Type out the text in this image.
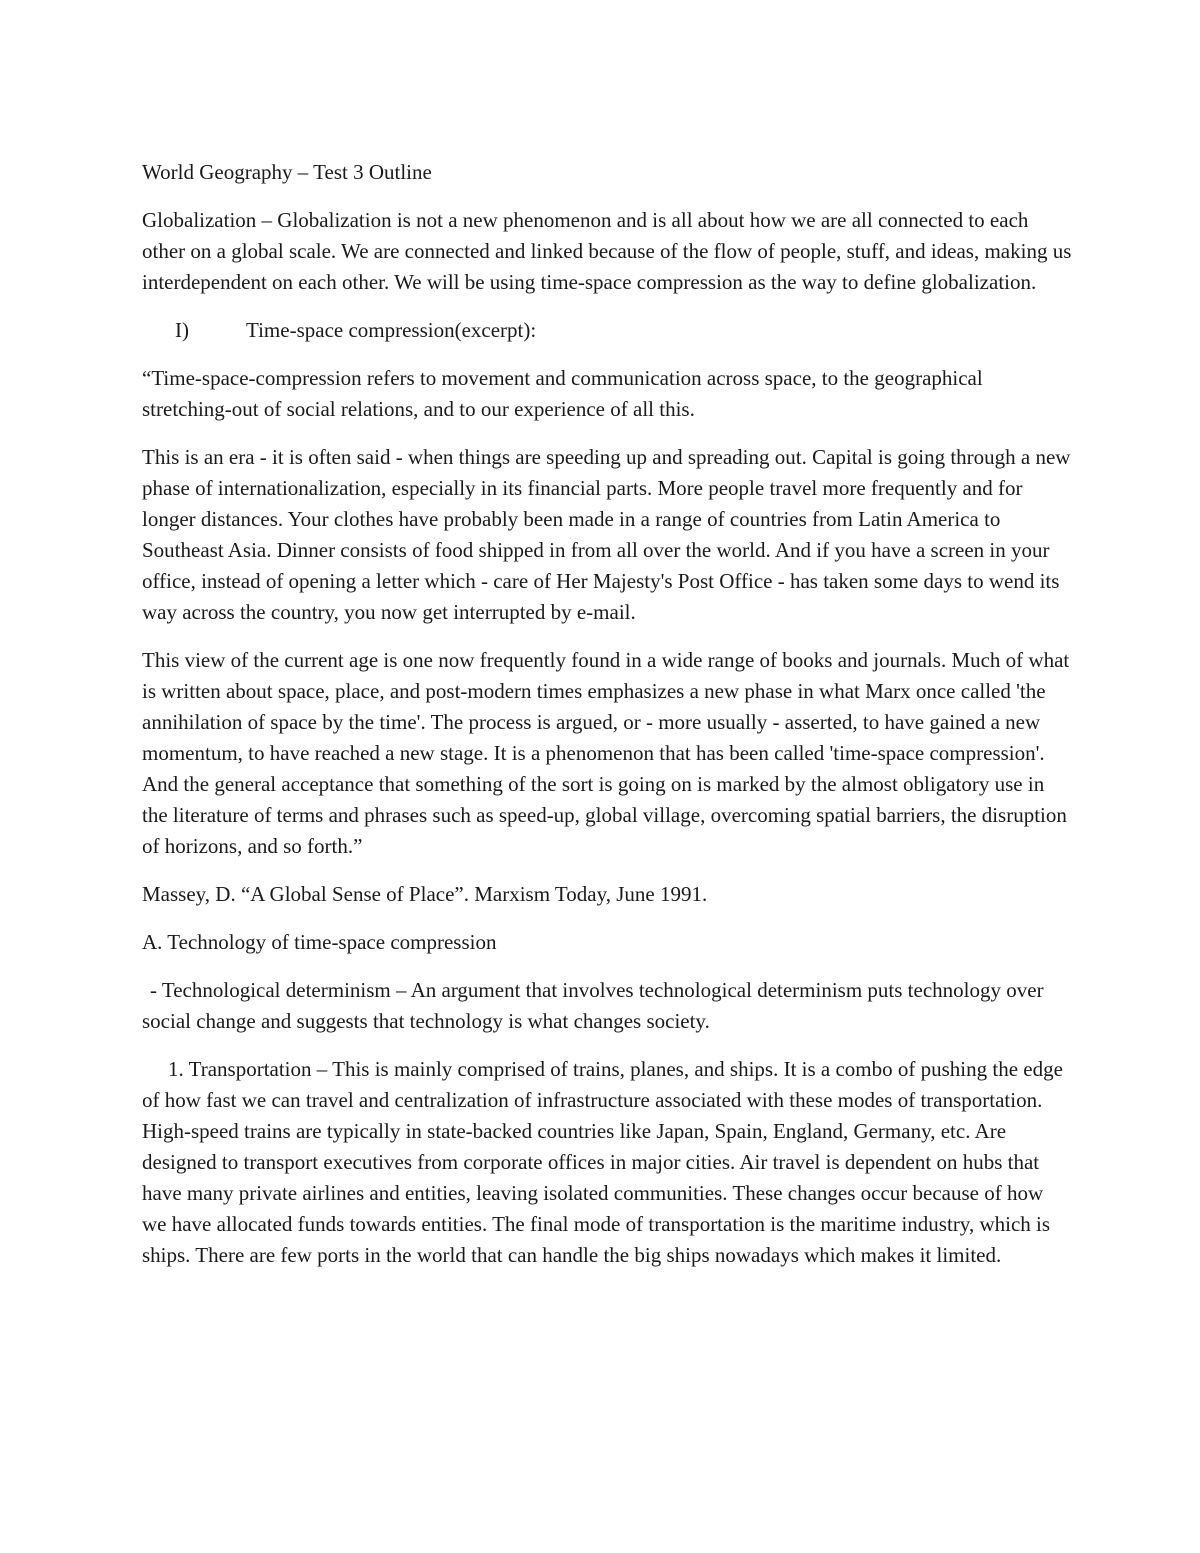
World Geography – Test 3 Outline

Globalization – Globalization is not a new phenomenon and is all about how we are all connected to each other on a global scale. We are connected and linked because of the flow of people, stuff, and ideas, making us interdependent on each other. We will be using time-space compression as the way to define globalization.

I)	Time-space compression(excerpt):

“Time-space-compression refers to movement and communication across space, to the geographical stretching-out of social relations, and to our experience of all this.

This is an era - it is often said - when things are speeding up and spreading out. Capital is going through a new phase of internationalization, especially in its financial parts. More people travel more frequently and for longer distances. Your clothes have probably been made in a range of countries from Latin America to Southeast Asia. Dinner consists of food shipped in from all over the world. And if you have a screen in your office, instead of opening a letter which - care of Her Majesty's Post Office - has taken some days to wend its way across the country, you now get interrupted by e-mail.

This view of the current age is one now frequently found in a wide range of books and journals. Much of what is written about space, place, and post-modern times emphasizes a new phase in what Marx once called 'the annihilation of space by the time'. The process is argued, or - more usually - asserted, to have gained a new momentum, to have reached a new stage. It is a phenomenon that has been called 'time-space compression'. And the general acceptance that something of the sort is going on is marked by the almost obligatory use in the literature of terms and phrases such as speed-up, global village, overcoming spatial barriers, the disruption of horizons, and so forth.”

Massey, D. “A Global Sense of Place”. Marxism Today, June 1991.

A. Technology of time-space compression

- Technological determinism – An argument that involves technological determinism puts technology over social change and suggests that technology is what changes society.

1. Transportation – This is mainly comprised of trains, planes, and ships. It is a combo of pushing the edge of how fast we can travel and centralization of infrastructure associated with these modes of transportation. High-speed trains are typically in state-backed countries like Japan, Spain, England, Germany, etc. Are designed to transport executives from corporate offices in major cities. Air travel is dependent on hubs that have many private airlines and entities, leaving isolated communities. These changes occur because of how we have allocated funds towards entities. The final mode of transportation is the maritime industry, which is ships. There are few ports in the world that can handle the big ships nowadays which makes it limited.
